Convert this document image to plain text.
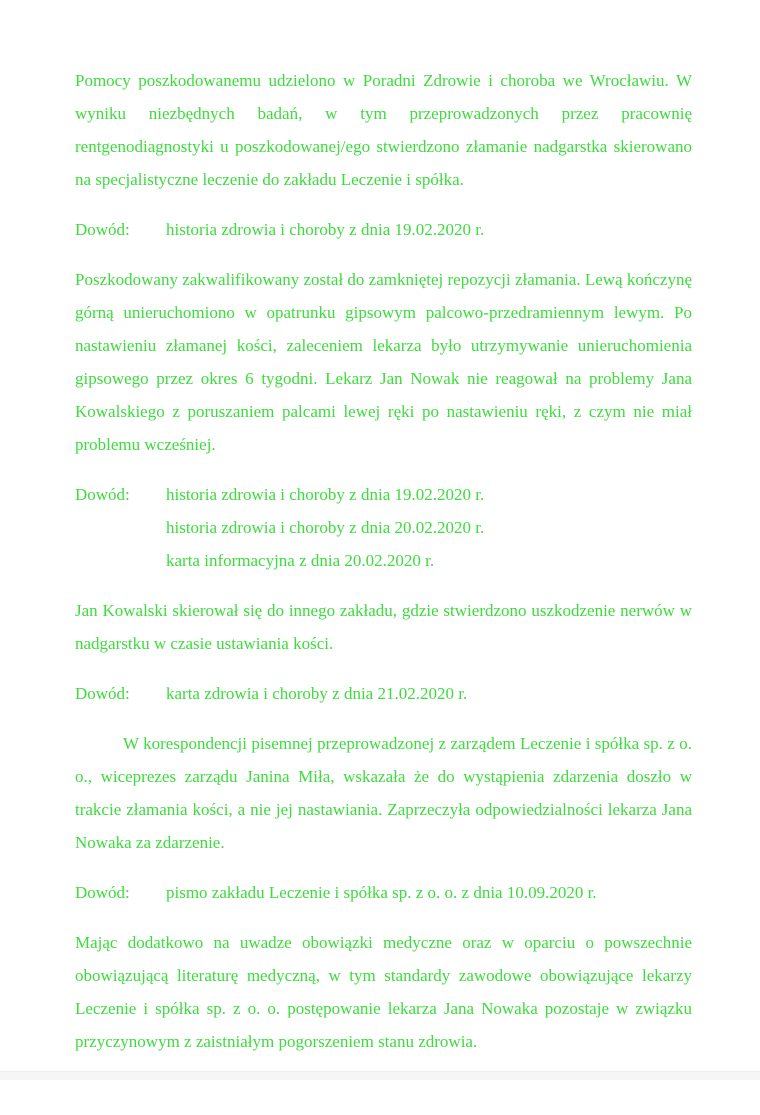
Pomocy poszkodowanemu udzielono w Poradni Zdrowie i choroba we Wrocławiu. W wyniku niezbędnych badań, w tym przeprowadzonych przez pracownię rentgenodiagnostyki u poszkodowanej/ego stwierdzono złamanie nadgarstka skierowano na specjalistyczne leczenie do zakładu Leczenie i spółka.

Dowód:	historia zdrowia i choroby z dnia 19.02.2020 r.

Poszkodowany zakwalifikowany został do zamkniętej repozycji złamania. Lewą kończynę górną unieruchomiono w opatrunku gipsowym palcowo-przedramiennym lewym. Po nastawieniu złamanej kości, zaleceniem lekarza było utrzymywanie unieruchomienia gipsowego przez okres 6 tygodni. Lekarz Jan Nowak nie reagował na problemy Jana Kowalskiego z poruszaniem palcami lewej ręki po nastawieniu ręki, z czym nie miał problemu wcześniej.

Dowód:	historia zdrowia i choroby z dnia 19.02.2020 r.
historia zdrowia i choroby z dnia 20.02.2020 r.
karta informacyjna z dnia 20.02.2020 r.

Jan Kowalski skierował się do innego zakładu, gdzie stwierdzono uszkodzenie nerwów w nadgarstku w czasie ustawiania kości.

Dowód:	karta zdrowia i choroby z dnia 21.02.2020 r.

W korespondencji pisemnej przeprowadzonej z zarządem Leczenie i spółka sp. z o. o., wiceprezes zarządu Janina Miła, wskazała że do wystąpienia zdarzenia doszło w trakcie złamania kości, a nie jej nastawiania. Zaprzeczyła odpowiedzialności lekarza Jana Nowaka za zdarzenie.

Dowód:	pismo zakładu Leczenie i spółka sp. z o. o. z dnia 10.09.2020 r.

Mając dodatkowo na uwadze obowiązki medyczne oraz w oparciu o powszechnie obowiązującą literaturę medyczną, w tym standardy zawodowe obowiązujące lekarzy Leczenie i spółka sp. z o. o. postępowanie lekarza Jana Nowaka pozostaje w związku przyczynowym z zaistniałym pogorszeniem stanu zdrowia.
